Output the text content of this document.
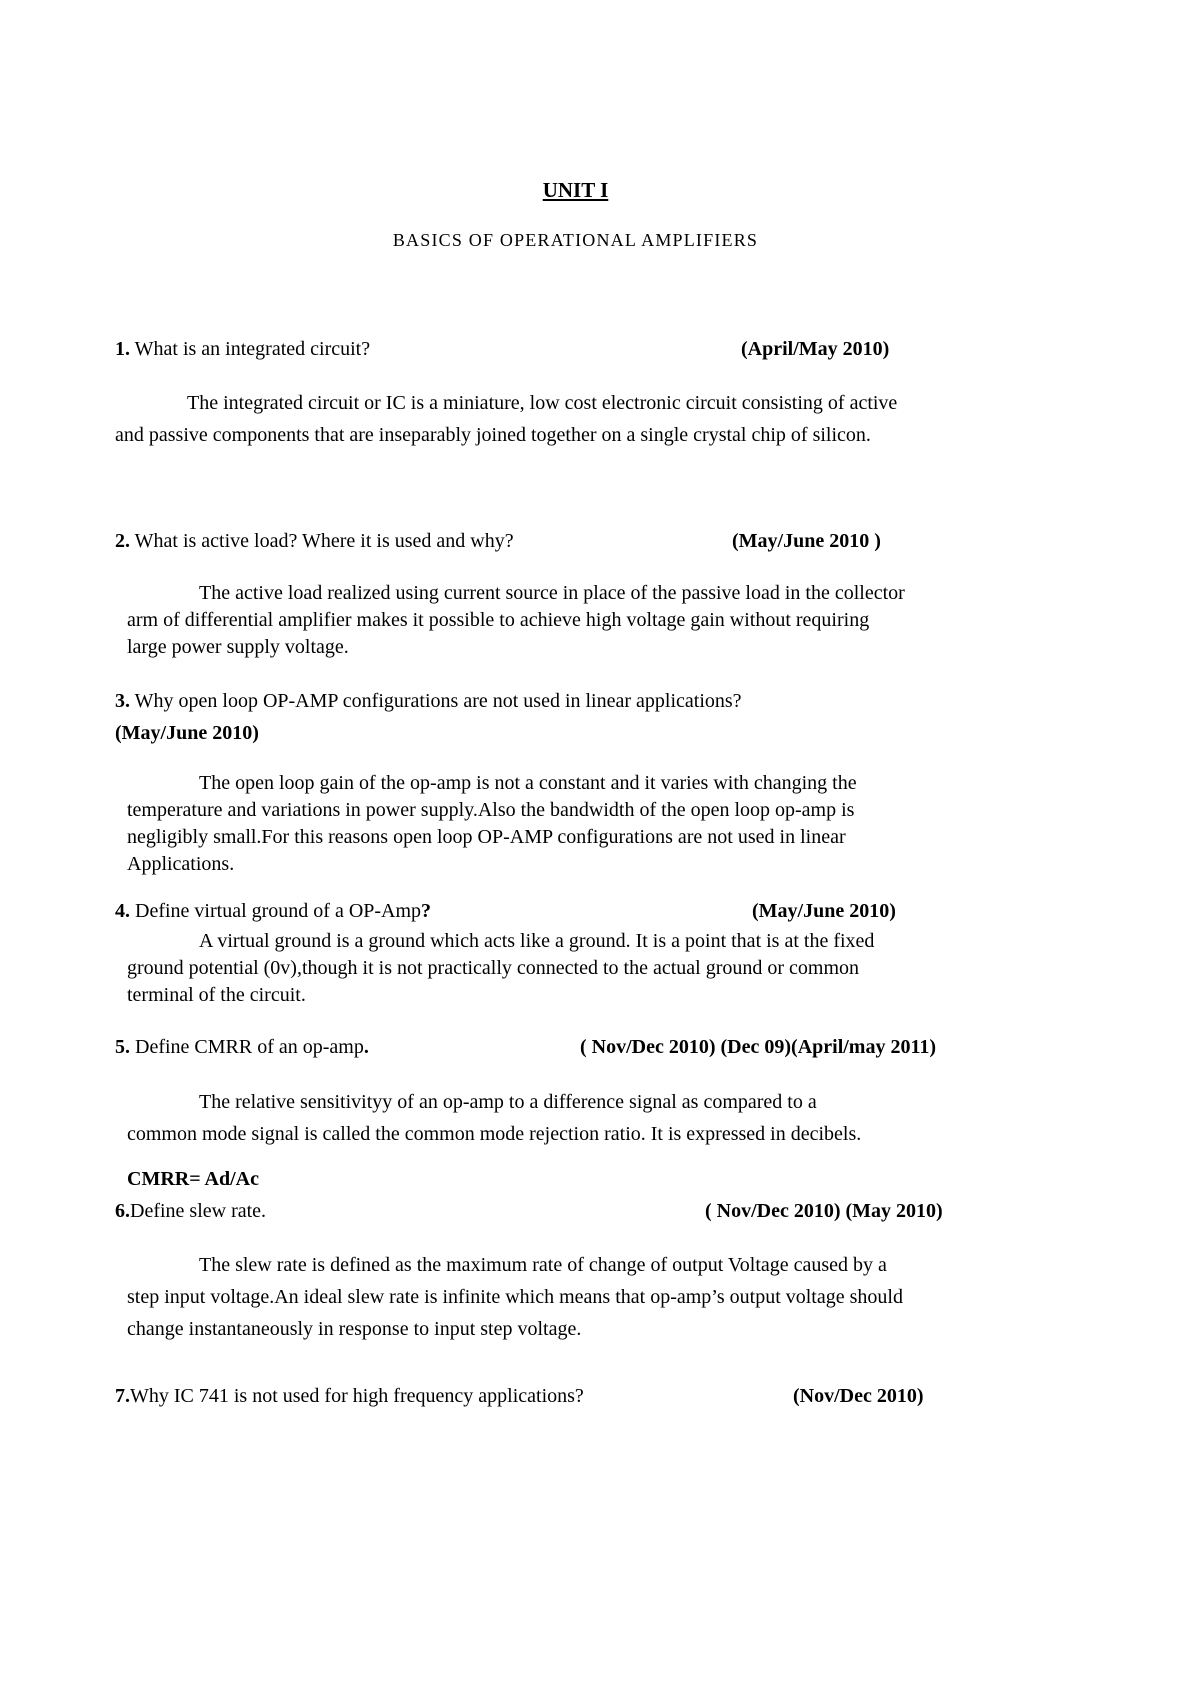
UNIT I
BASICS OF OPERATIONAL AMPLIFIERS
1. What is an integrated circuit?	(April/May 2010)
The integrated circuit or IC is a miniature, low cost electronic circuit consisting of active
and passive components that are inseparably joined together on a single crystal chip of silicon.
2. What is active load? Where it is used and why?	(May/June 2010 )
The active load realized using current source in place of the passive load in the collector
arm of differential amplifier makes it possible to achieve high voltage gain without requiring
large power supply voltage.
3. Why open loop OP-AMP configurations are not used in linear applications?
(May/June 2010)
The open loop gain of the op-amp is not a constant and it varies with changing the
temperature and variations in power supply.Also the bandwidth of the open loop op-amp is
negligibly small.For this reasons open loop OP-AMP configurations are not used in linear
Applications.
4. Define virtual ground of a OP-Amp?	(May/June 2010)
A virtual ground is a ground which acts like a ground. It is a point that is at the fixed
ground potential (0v),though it is not practically connected to the actual ground or common
terminal of the circuit.
5. Define CMRR of an op-amp.	( Nov/Dec 2010) (Dec 09)(April/may 2011)
The relative sensitivityy of an op-amp to a difference signal as compared to a
common mode signal is called the common mode rejection ratio. It is expressed in decibels.
CMRR= Ad/Ac
6.Define slew rate.	( Nov/Dec 2010) (May 2010)
The slew rate is defined as the maximum rate of change of output Voltage caused by a
step input voltage.An ideal slew rate is infinite which means that op-amp’s output voltage should
change instantaneously in response to input step voltage.
7.Why IC 741 is not used for high frequency applications?	(Nov/Dec 2010)
